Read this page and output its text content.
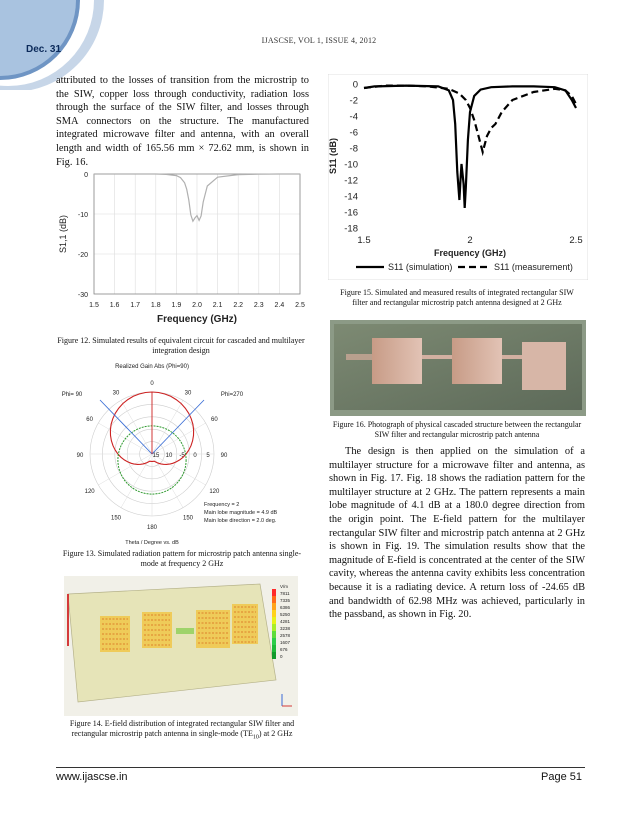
Dec. 31
IJASCSE, VOL 1, ISSUE 4, 2012
attributed to the losses of transition from the microstrip to the SIW, copper loss through conductivity, radiation loss through the surface of the SIW filter, and losses through SMA connectors on the structure. The manufactured integrated microwave filter and antenna, with an overall length and width of 165.56 mm × 72.62 mm, is shown in Fig. 16.
1.5 1.6 1.7 1.8 1.9 2.0 2.1 2.2 2.3 2.4 2.5
0
-10
-20
-30
Frequency (GHz)
S1,1 (dB)
Figure 12. Simulated results of equivalent circuit for cascaded and multilayer integration design
Realized Gain Abs (Phi=90)
Phi= 90	Phi=270
0
30	30
60	60
90	90
120	120
150	150
180
15 10 -5 0 5
Frequency = 2
Main lobe magnitude = 4.9 dB
Main lobe direction = 2.0 deg.
Theta / Degree vs. dB
Figure 13. Simulated radiation pattern for microstrip patch antenna single-mode at frequency 2 GHz
V/m
7811
7335
6386
5250
4281
3238
2578
1607
676
0
Figure 14. E-field distribution of integrated rectangular SIW filter and rectangular microstrip patch antenna in single-mode $(TE_{10})$ at 2 GHz
0
-2
-4
-6
-8
-10
-12
-14
-16
-18
1.5	2	2.5
Frequency (GHz)
S11 (dB)
S11 (simulation)	S11 (measurement)
Figure 15. Simulated and measured results of integrated rectangular SIW filter and rectangular microstrip patch antenna designed at 2 GHz
Figure 16. Photograph of physical cascaded structure between the rectangular SIW filter and rectangular microstrip patch antenna
The design is then applied on the simulation of a multilayer structure for a microwave filter and antenna, as shown in Fig. 17. Fig. 18 shows the radiation pattern for the multilayer structure at 2 GHz. The pattern represents a main lobe magnitude of 4.1 dB at a 180.0 degree direction from the origin point. The E-field pattern for the multilayer rectangular SIW filter and microstrip patch antenna at 2 GHz is shown in Fig. 19. The simulation results show that the magnitude of E-field is concentrated at the center of the SIW cavity, whereas the antenna cavity exhibits less concentration because it is a radiating device. A return loss of -24.65 dB and bandwidth of 62.98 MHz was achieved, particularly in the passband, as shown in Fig. 20.
www.ijascse.in	Page 51
